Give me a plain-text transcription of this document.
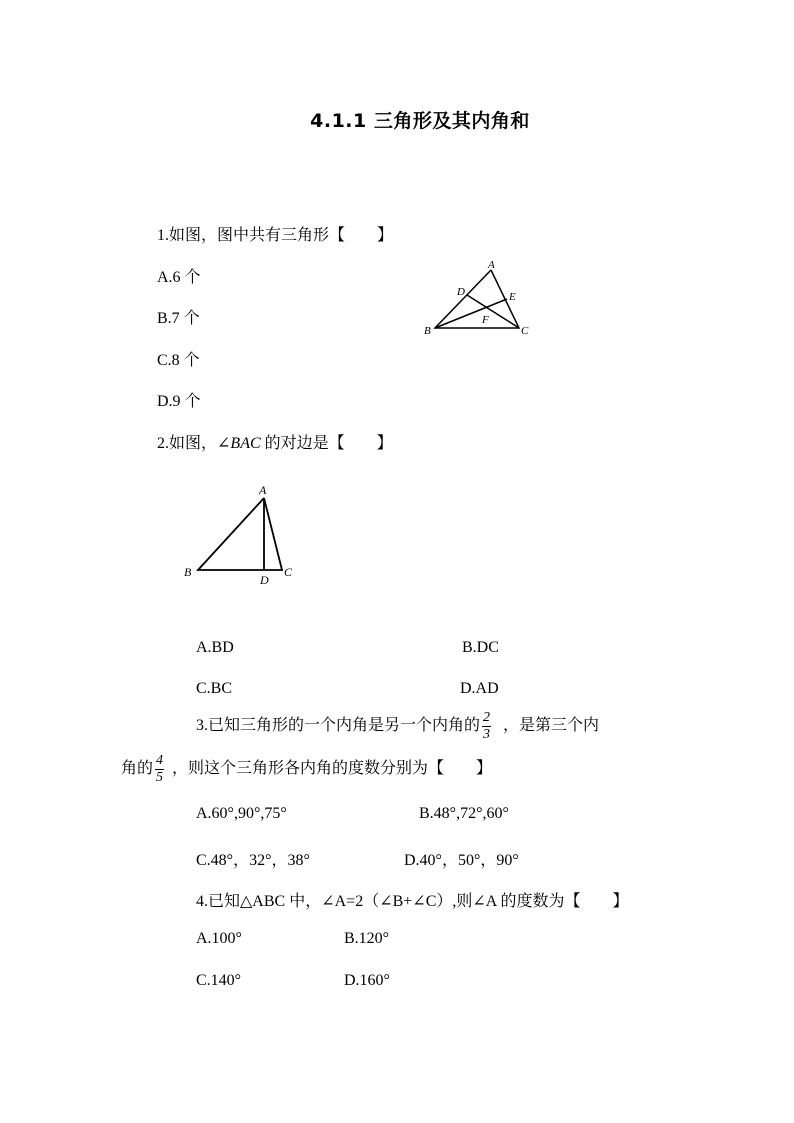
4.1.1 三角形及其内角和
1.如图，图中共有三角形【　　】
A.6 个
B.7 个
C.8 个
D.9 个
A
B	C
D	E
F
2.如图，∠BAC 的对边是【　　】
A
B	C
D
A.BD	B.DC
C.BC	D.AD
3.已知三角形的一个内角是另一个内角的 $\frac{2}{3}$ ，是第三个内
角的 $\frac{4}{5}$ ，则这个三角形各内角的度数分别为【　　】
A.60°,90°,75°	B.48°,72°,60°
C.48°，32°，38°	D.40°，50°，90°
4.已知△ABC 中，∠A=2（∠B+∠C）,则∠A 的度数为【　　】
A.100°	B.120°
C.140°	D.160°
